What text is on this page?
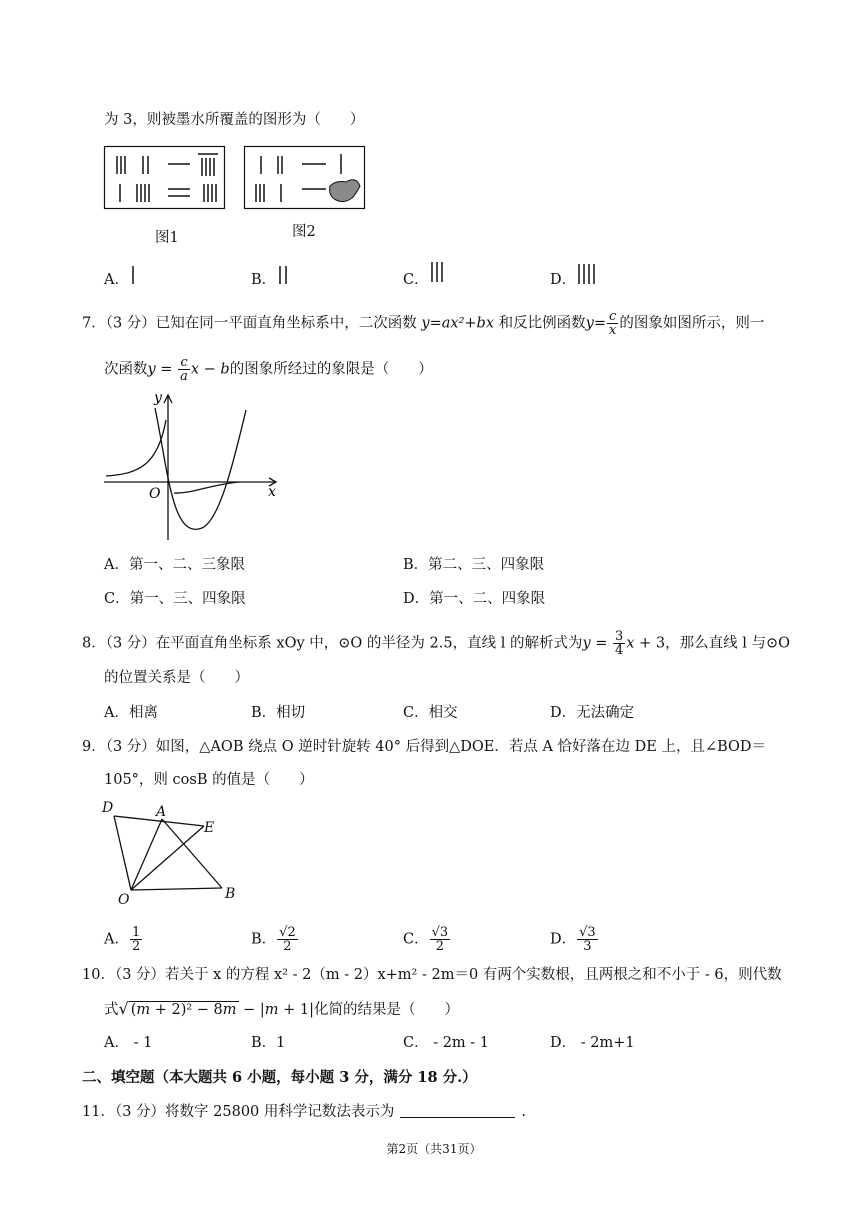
为 3，则被墨水所覆盖的图形为（　　）
图1	图2
A．	B．	C．	D．
7．（3 分）已知在同一平面直角坐标系中，二次函数 y=ax²+bx 和反比例函数$y= \frac{c}{x}$ 的图象如图所示，则一
次函数$y = \frac{c}{a}$ x − b的图象所经过的象限是（　　）
y
x
O
A．第一、二、三象限	B．第二、三、四象限
C．第一、三、四象限	D．第一、二、四象限
8．（3 分）在平面直角坐标系 xOy 中，⊙O 的半径为 2.5，直线 l 的解析式为$y = \frac{3}{4}$ x + 3，那么直线 l 与⊙O
的位置关系是（　　）
A．相离	B．相切	C．相交	D．无法确定
9．（3 分）如图，△AOB 绕点 O 逆时针旋转 40° 后得到△DOE．若点 A 恰好落在边 DE 上，且∠BOD＝
105°，则 cosB 的值是（　　）
D	A
E
O	B
A． $\frac{1}{2}$	B． $\frac{√2}{2}$	C． $\frac{√3}{2}$	D． $\frac{√3}{3}$
10．（3 分）若关于 x 的方程 x² - 2（m - 2）x+m² - 2m＝0 有两个实数根，且两根之和不小于 - 6，则代数
式√ (m + 2)² − 8m − |m + 1|化简的结果是（　　）
A． - 1	B．1	C． - 2m - 1	D． - 2m+1
二、填空题（本大题共 6 小题，每小题 3 分，满分 18 分.）
11．（3 分）将数字 25800 用科学记数法表示为	.
第2页（共31页）
